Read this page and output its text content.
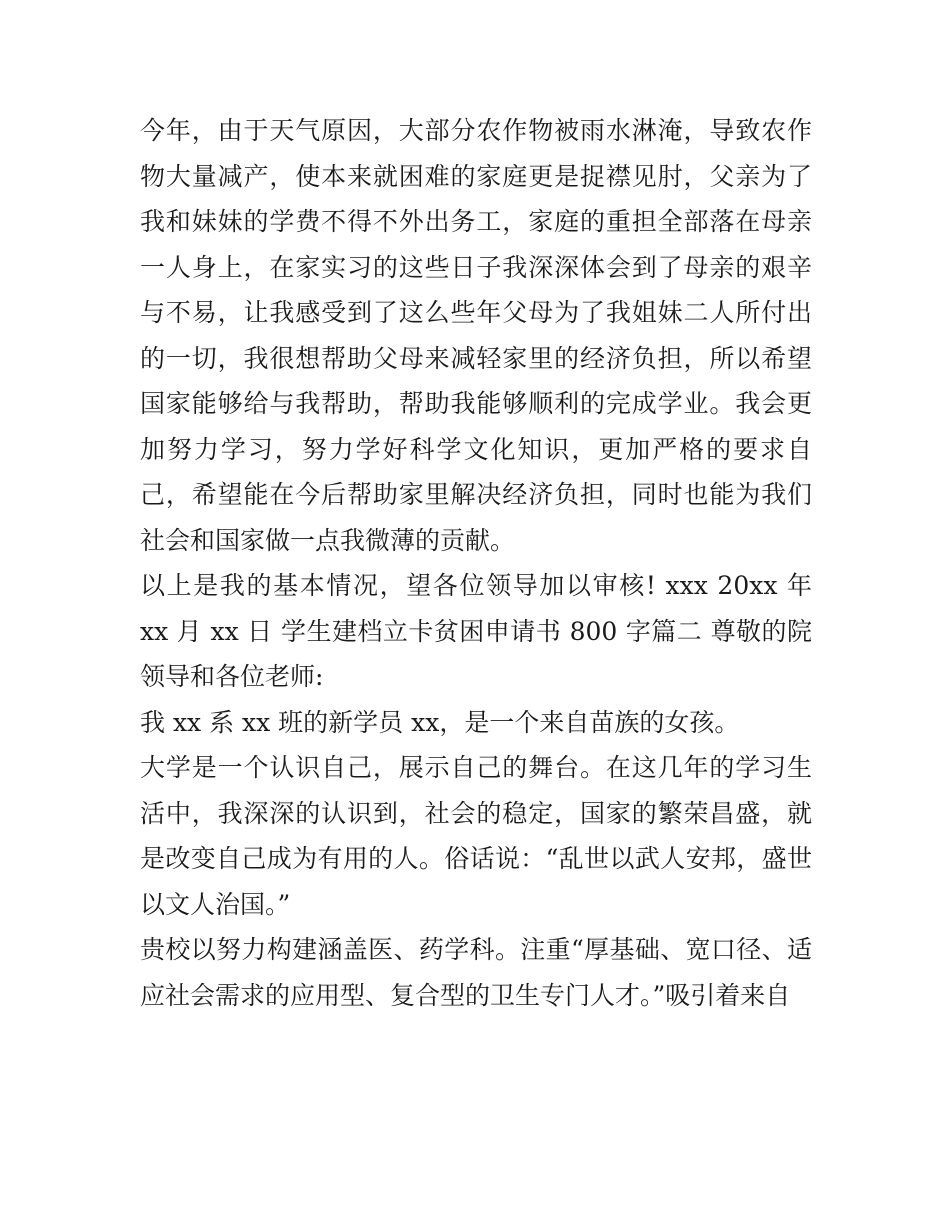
今年，由于天气原因，大部分农作物被雨水淋淹，导致农作物大量减产，使本来就困难的家庭更是捉襟见肘，父亲为了我和妹妹的学费不得不外出务工，家庭的重担全部落在母亲一人身上，在家实习的这些日子我深深体会到了母亲的艰辛与不易，让我感受到了这么些年父母为了我姐妹二人所付出的一切，我很想帮助父母来减轻家里的经济负担，所以希望国家能够给与我帮助，帮助我能够顺利的完成学业。我会更加努力学习，努力学好科学文化知识，更加严格的要求自己，希望能在今后帮助家里解决经济负担，同时也能为我们社会和国家做一点我微薄的贡献。

以上是我的基本情况，望各位领导加以审核! xxx 20xx 年 xx 月 xx 日 学生建档立卡贫困申请书 800 字篇二 尊敬的院领导和各位老师:

我 xx 系 xx 班的新学员 xx，是一个来自苗族的女孩。

大学是一个认识自己，展示自己的舞台。在这几年的学习生活中，我深深的认识到，社会的稳定，国家的繁荣昌盛，就是改变自己成为有用的人。俗话说：“乱世以武人安邦，盛世以文人治国。”

贵校以努力构建涵盖医、药学科。注重“厚基础、宽口径、适应社会需求的应用型、复合型的卫生专门人才。”吸引着来自
